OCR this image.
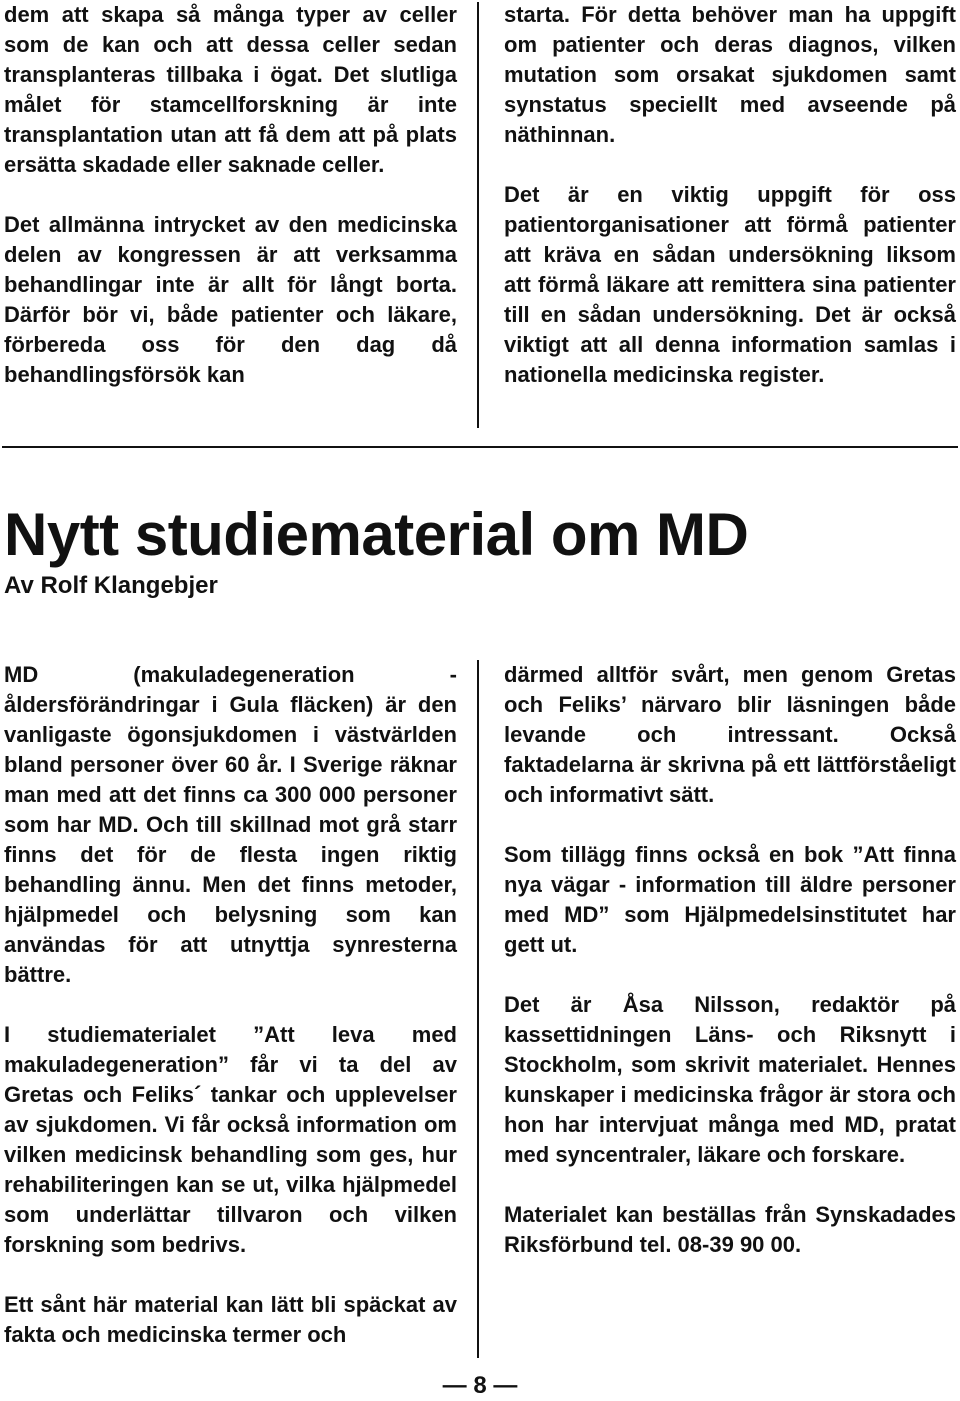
dem att skapa så många typer av celler som de kan och att dessa celler sedan transplanteras tillbaka i ögat. Det slutliga målet för stamcellforskning är inte transplantation utan att få dem att på plats ersätta skadade eller saknade celler.

Det allmänna intrycket av den medicinska delen av kongressen är att verksamma behandlingar inte är allt för långt borta. Därför bör vi, både patienter och läkare, förbereda oss för den dag då behandlingsförsök kan

starta. För detta behöver man ha uppgift om patienter och deras diagnos, vilken mutation som orsakat sjukdomen samt synstatus speciellt med avseende på näthinnan.

Det är en viktig uppgift för oss patientorganisationer att förmå patienter att kräva en sådan undersökning liksom att förmå läkare att remittera sina patienter till en sådan undersökning. Det är också viktigt att all denna information samlas i nationella medicinska register.

Nytt studiematerial om MD
Av Rolf Klangebjer

MD (makuladegeneration - åldersförändringar i Gula fläcken) är den vanligaste ögonsjukdomen i västvärlden bland personer över 60 år. I Sverige räknar man med att det finns ca 300 000 personer som har MD. Och till skillnad mot grå starr finns det för de flesta ingen riktig behandling ännu. Men det finns metoder, hjälpmedel och belysning som kan användas för att utnyttja synresterna bättre.

I studiematerialet ”Att leva med makuladegeneration” får vi ta del av Gretas och Feliks´ tankar och upplevelser av sjukdomen. Vi får också information om vilken medicinsk behandling som ges, hur rehabiliteringen kan se ut, vilka hjälpmedel som underlättar tillvaron och vilken forskning som bedrivs.

Ett sånt här material kan lätt bli späckat av fakta och medicinska termer och

därmed alltför svårt, men genom Gretas och Feliks’ närvaro blir läsningen både levande och intressant. Också faktadelarna är skrivna på ett lättförståeligt och informativt sätt.

Som tillägg finns också en bok ”Att finna nya vägar - information till äldre personer med MD” som Hjälpmedelsinstitutet har gett ut.

Det är Åsa Nilsson, redaktör på kassettidningen Läns- och Riksnytt i Stockholm, som skrivit materialet. Hennes kunskaper i medicinska frågor är stora och hon har intervjuat många med MD, pratat med syncentraler, läkare och forskare.

Materialet kan beställas från Synskadades Riksförbund tel. 08-39 90 00.

— 8 —
